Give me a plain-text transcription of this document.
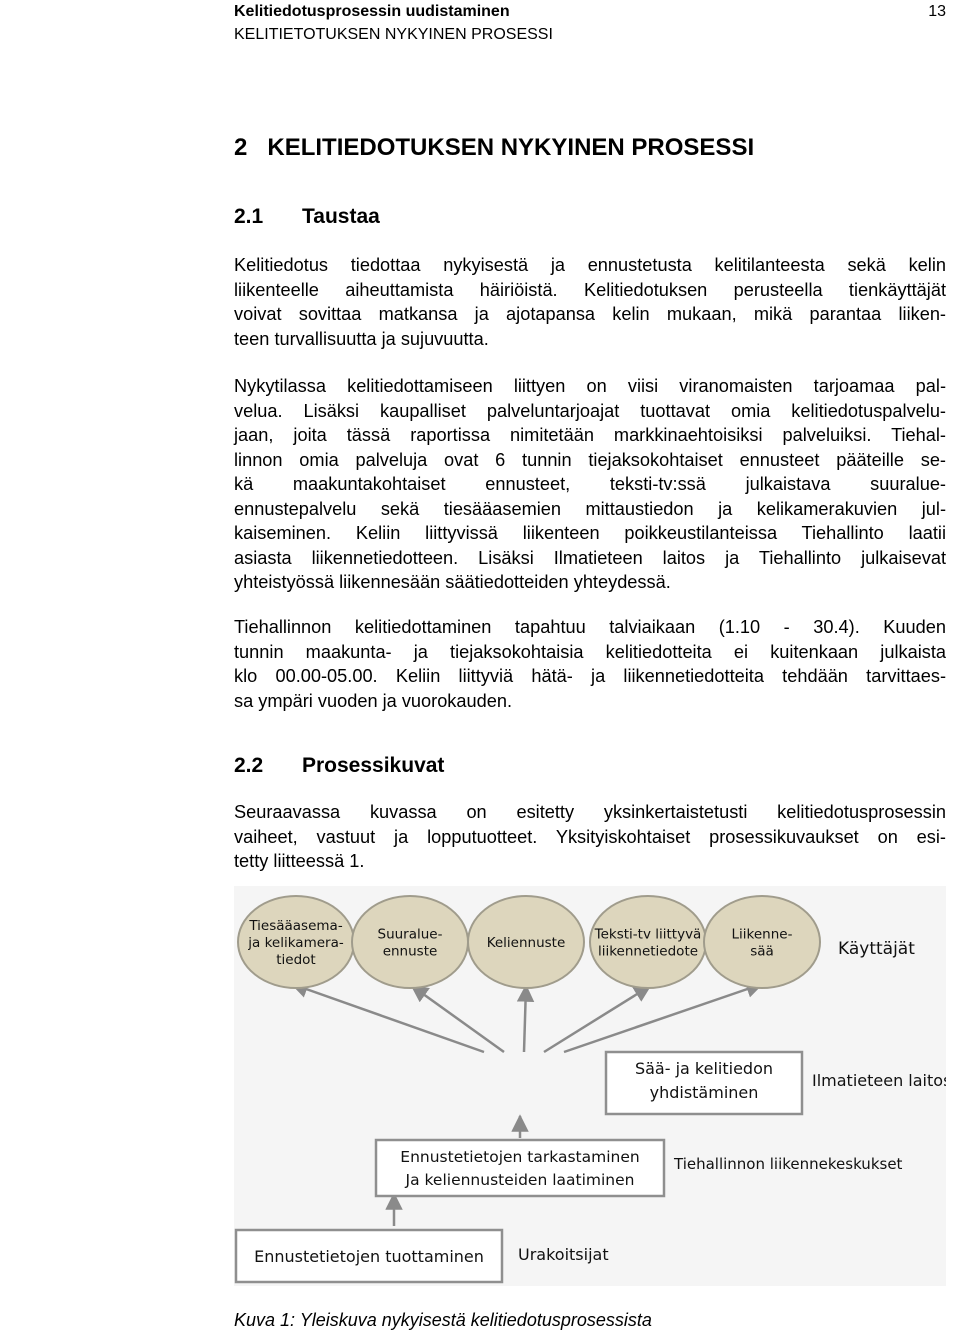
Kelitiedotusprosessin uudistaminen
KELITIETOTUKSEN NYKYINEN PROSESSI
13
2 KELITIEDOTUKSEN NYKYINEN PROSESSI
2.1 Taustaa
Kelitiedotus tiedottaa nykyisestä ja ennustetusta kelitilanteesta sekä kelin
liikenteelle aiheuttamista häiriöistä. Kelitiedotuksen perusteella tienkäyttäjät
voivat sovittaa matkansa ja ajotapansa kelin mukaan, mikä parantaa liiken-
teen turvallisuutta ja sujuvuutta.
Nykytilassa kelitiedottamiseen liittyen on viisi viranomaisten tarjoamaa pal-
velua. Lisäksi kaupalliset palveluntarjoajat tuottavat omia kelitiedotuspalvelu-
jaan, joita tässä raportissa nimitetään markkinaehtoisiksi palveluiksi. Tiehal-
linnon omia palveluja ovat 6 tunnin tiejaksokohtaiset ennusteet pääteille se-
kä maakuntakohtaiset ennusteet, teksti-tv:ssä julkaistava suuralue-
ennustepalvelu sekä tiesääasemien mittaustiedon ja kelikamerakuvien jul-
kaiseminen. Keliin liittyvissä liikenteen poikkeustilanteissa Tiehallinto laatii
asiasta liikennetiedotteen. Lisäksi Ilmatieteen laitos ja Tiehallinto julkaisevat
yhteistyössä liikennesään säätiedotteiden yhteydessä.
Tiehallinnon kelitiedottaminen tapahtuu talviaikaan (1.10 - 30.4). Kuuden
tunnin maakunta- ja tiejaksokohtaisia kelitiedotteita ei kuitenkaan julkaista
klo 00.00-05.00. Keliin liittyviä hätä- ja liikennetiedotteita tehdään tarvittaes-
sa ympäri vuoden ja vuorokauden.
2.2 Prosessikuvat
Seuraavassa kuvassa on esitetty yksinkertaistetusti kelitiedotusprosessin
vaiheet, vastuut ja lopputuotteet. Yksityiskohtaiset prosessikuvaukset on esi-
tetty liitteessä 1.
Tiesääasema-
ja kelikamera-
tiedot
Suuralue-
ennuste
Keliennuste
Teksti-tv liittyvä
liikennetiedote
Liikenne-
sää	Käyttäjät
Sää- ja kelitiedon
yhdistäminen
Ilmatieteen laitos
Ennustetietojen tarkastaminen
Ja keliennusteiden laatiminen
Tiehallinnon liikennekeskukset
Ennustetietojen tuottaminen Urakoitsijat
Kuva 1: Yleiskuva nykyisestä kelitiedotusprosessista
